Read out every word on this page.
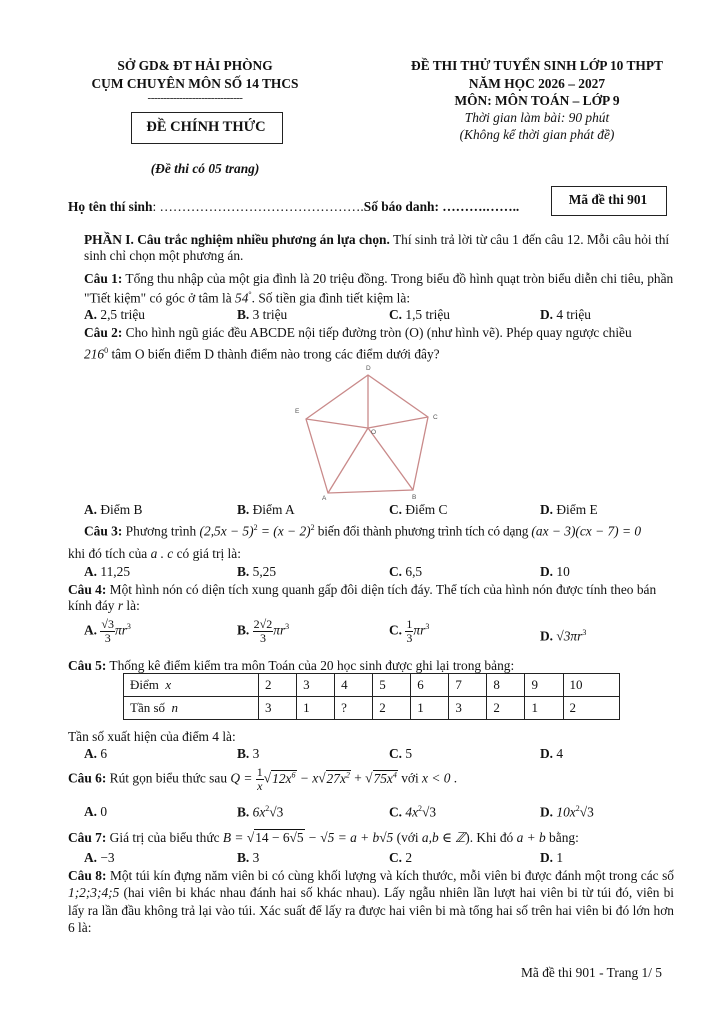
SỞ GD& ĐT HẢI PHÒNG
CỤM CHUYÊN MÔN SỐ 14 THCS
------------------------------
ĐỀ CHÍNH THỨC
(Đề thi có 05 trang)
ĐỀ THI THỬ TUYỂN SINH LỚP 10 THPT
NĂM HỌC 2026 – 2027
MÔN: MÔN TOÁN – LỚP 9
Thời gian làm bài: 90 phút
(Không kể thời gian phát đề)
Họ tên thí sinh: ……………………………………….Số báo danh: ……….……..	Mã đề thi 901
PHẦN I. Câu trắc nghiệm nhiều phương án lựa chọn. Thí sinh trả lời từ câu 1 đến câu 12. Mỗi câu hỏi thí sinh chỉ chọn một phương án.
Câu 1: Tổng thu nhập của một gia đình là 20 triệu đồng. Trong biểu đồ hình quạt tròn biểu diễn chi tiêu, phần "Tiết kiệm" có góc ở tâm là 54°. Số tiền gia đình tiết kiệm là:
A. 2,5 triệu	B. 3 triệu	C. 1,5 triệu	D. 4 triệu
Câu 2: Cho hình ngũ giác đều ABCDE nội tiếp đường tròn (O) (như hình vẽ). Phép quay ngược chiều
$216^0$ tâm O biến điểm D thành điểm nào trong các điểm dưới đây?
D
C
B
A
E
O
A. Điểm B	B. Điểm A	C. Điểm C	D. Điểm E
Câu 3: Phương trình $(2,5x - 5)^2 = (x - 2)^2$ biến đổi thành phương trình tích có dạng (ax − 3)(cx − 7) = 0
khi đó tích của a . c có giá trị là:
A. 11,25	B. 5,25	C. 6,5	D. 10
Câu 4: Một hình nón có diện tích xung quanh gấp đôi diện tích đáy. Thể tích của hình nón được tính theo bán kính đáy r là:
A. $\frac{√3}{3} \pi r^3$	B. $\frac{2√2}{3} \pi r^3$	C. $\frac{1}{3} \pi r^3$
D. $√3\pi r^3$
Câu 5: Thống kê điểm kiểm tra môn Toán của 20 học sinh được ghi lại trong bảng:
Điểm x	2	3	4	5	6	7	8	9	10
Tần số n	3	1	?	2	1	3	2	1	2
Tần số xuất hiện của điểm 4 là:
A. 6	B. 3	C. 5	D. 4
Câu 6: Rút gọn biểu thức sau $Q = \frac{1}{x} √12x^6 - x√27x^2 + √75x^4$ với x < 0 .
A. 0	B. $6x^2√3$	C. $4x^2√3$	D. $10x^2√3$
Câu 7: Giá trị của biểu thức B = √14 − 6√5 − √5 = a + b√5 (với a,b ∈ ℤ). Khi đó a + b bằng:
A. −3	B. 3	C. 2	D. 1
Câu 8: Một túi kín đựng năm viên bi có cùng khối lượng và kích thước, mỗi viên bi được đánh một trong các số 1;2;3;4;5 (hai viên bi khác nhau đánh hai số khác nhau). Lấy ngẫu nhiên lần lượt hai viên bi từ túi đó, viên bi lấy ra lần đầu không trả lại vào túi. Xác suất để lấy ra được hai viên bi mà tổng hai số trên hai viên bi đó lớn hơn 6 là:
Mã đề thi 901 - Trang 1/ 5
